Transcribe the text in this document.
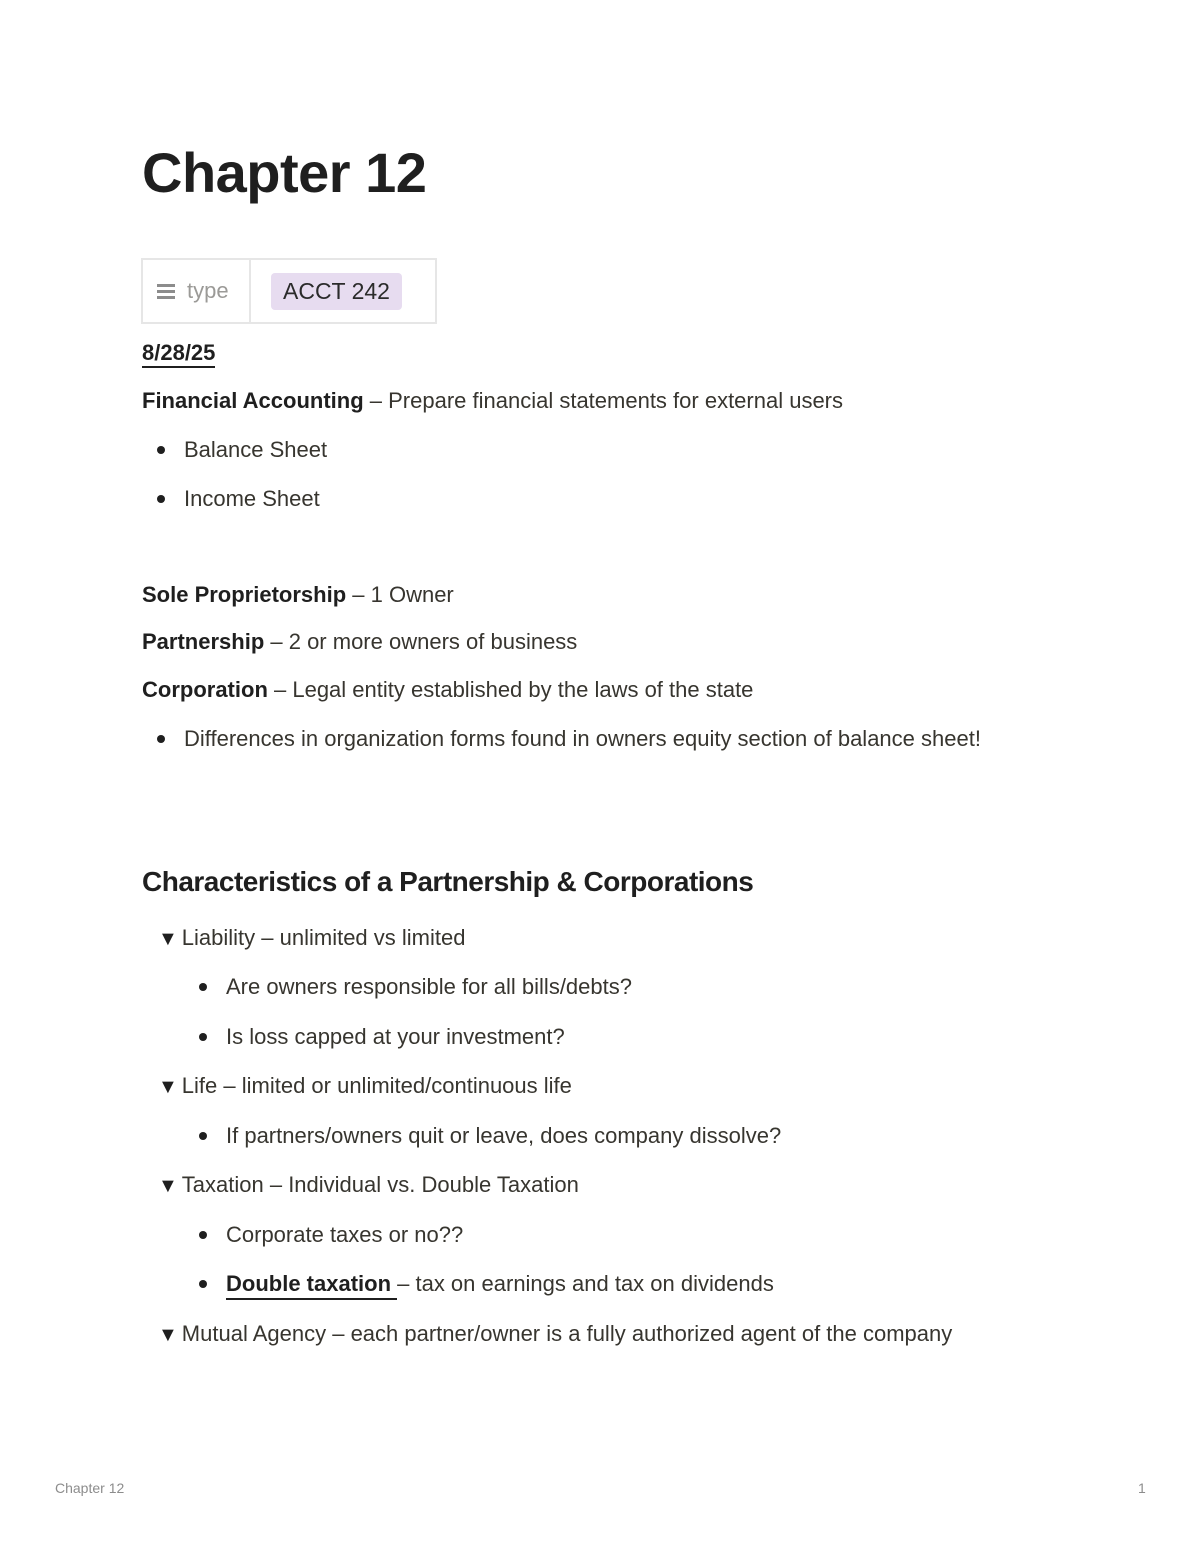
Chapter 12
type	ACCT 242
8/28/25
Financial Accounting – Prepare financial statements for external users
Balance Sheet
Income Sheet
Sole Proprietorship – 1 Owner
Partnership – 2 or more owners of business
Corporation – Legal entity established by the laws of the state
Differences in organization forms found in owners equity section of balance sheet!
Characteristics of a Partnership & Corporations
▼ Liability – unlimited vs limited
Are owners responsible for all bills/debts?
Is loss capped at your investment?
▼ Life – limited or unlimited/continuous life
If partners/owners quit or leave, does company dissolve?
▼ Taxation – Individual vs. Double Taxation
Corporate taxes or no??
Double taxation – tax on earnings and tax on dividends
▼ Mutual Agency – each partner/owner is a fully authorized agent of the company
Chapter 12	1
